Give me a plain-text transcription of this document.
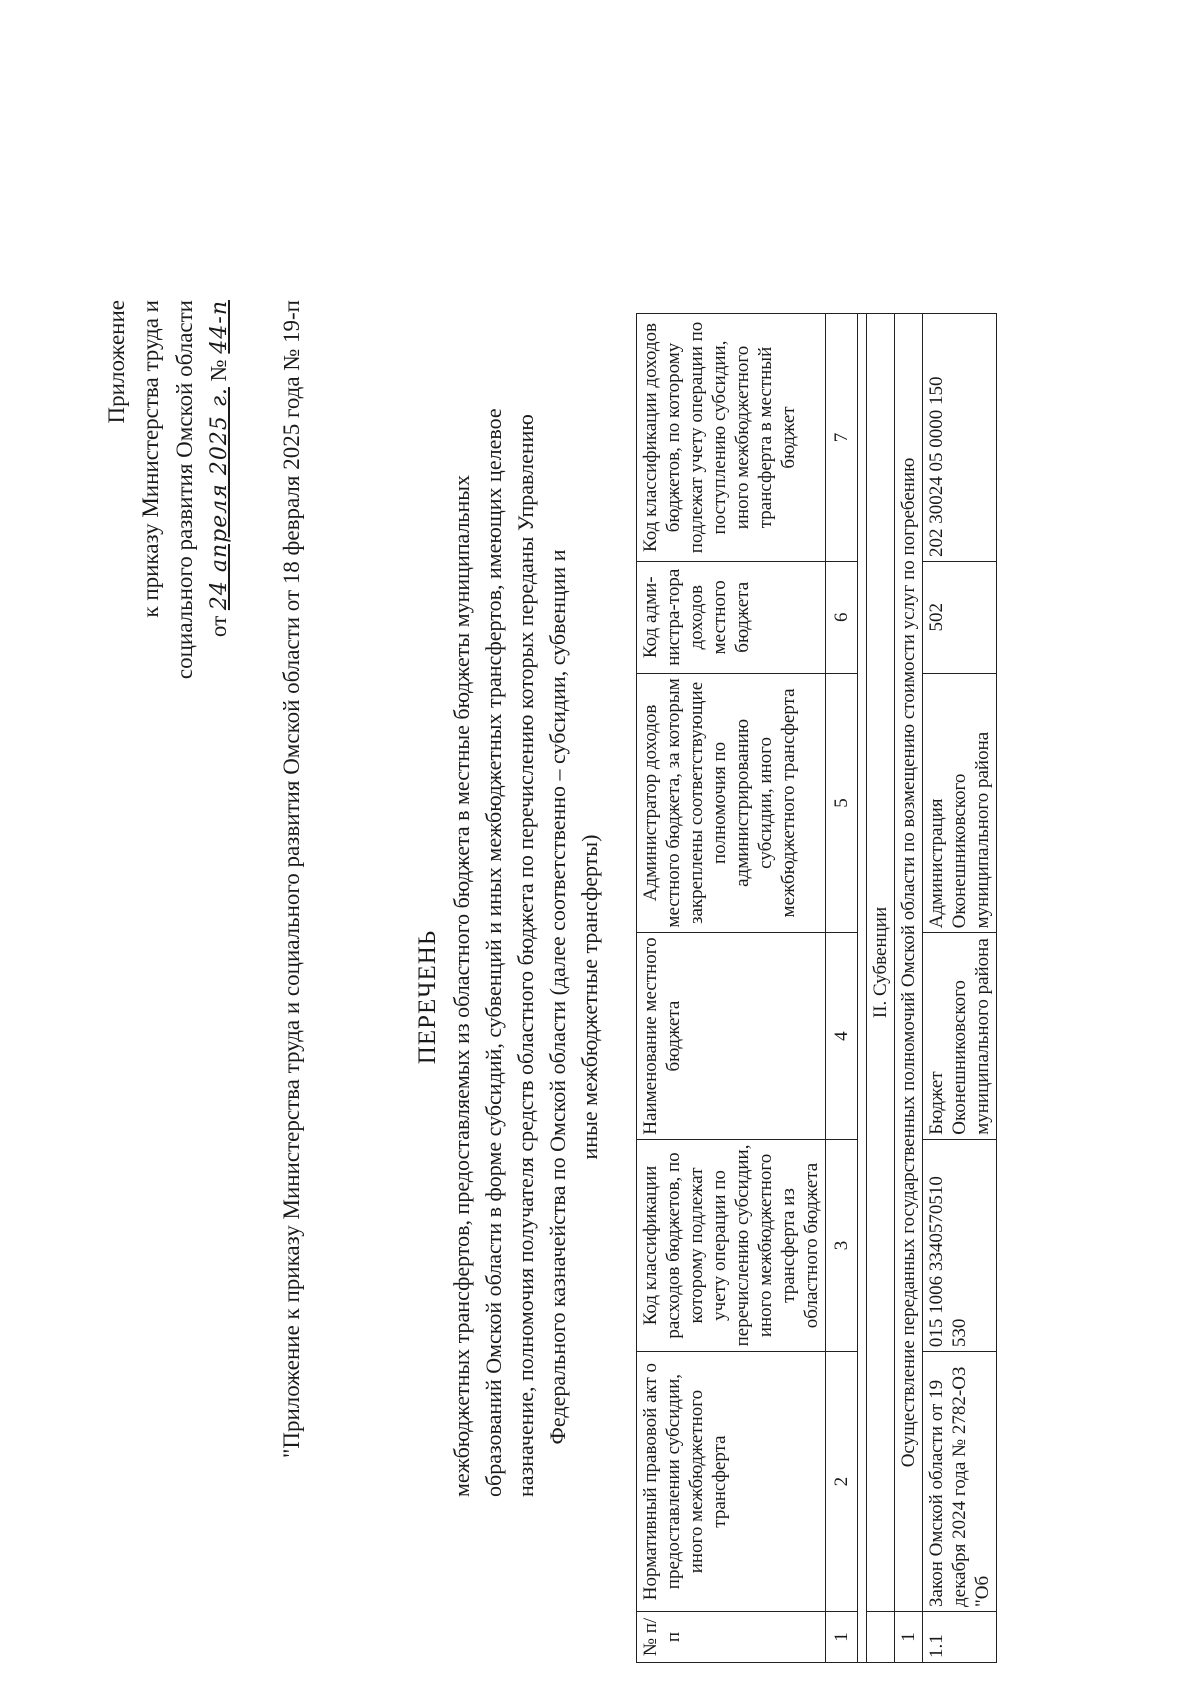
Приложение к приказу Министерства труда и социального развития Омской области от 24 апреля 2025 г. № 44-п
"Приложение к приказу Министерства труда и социального развития Омской области от 18 февраля 2025 года № 19-п
ПЕРЕЧЕНЬ межбюджетных трансфертов, предоставляемых из областного бюджета в местные бюджеты муниципальных образований Омской области в форме субсидий, субвенций и иных межбюджетных трансфертов, имеющих целевое назначение, полномочия получателя средств областного бюджета по перечислению которых переданы Управлению Федерального казначейства по Омской области (далее соответственно – субсидии, субвенции и иные межбюджетные трансферты)
№ п/п	Нормативный правовой акт о предоставлении субсидии, иного межбюджетного трансферта	Код классификации расходов бюджетов, по которому подлежат учету операции по перечислению субсидии, иного межбюджетного трансферта из областного бюджета	Наименование местного бюджета	Администратор доходов местного бюджета, за которым закреплены соответствующие полномочия по администрированию субсидии, иного межбюджетного трансферта	Код адми-нистра-тора доходов местного бюджета	Код классификации доходов бюджетов, по которому подлежат учету операции по поступлению субсидии, иного межбюджетного трансферта в местный бюджет
1	2	3	4	5	6	7

	II. Субвенции					
1	Осуществление переданных государственных полномочий Омской области по возмещению стоимости услуг по погребению					
1.1	Закон Омской области от 19 декабря 2024 года № 2782-ОЗ "Об	015 1006 3340570510 530	Бюджет Оконешниковского муниципального района	Администрация Оконешниковского муниципального района	502	202 30024 05 0000 150
